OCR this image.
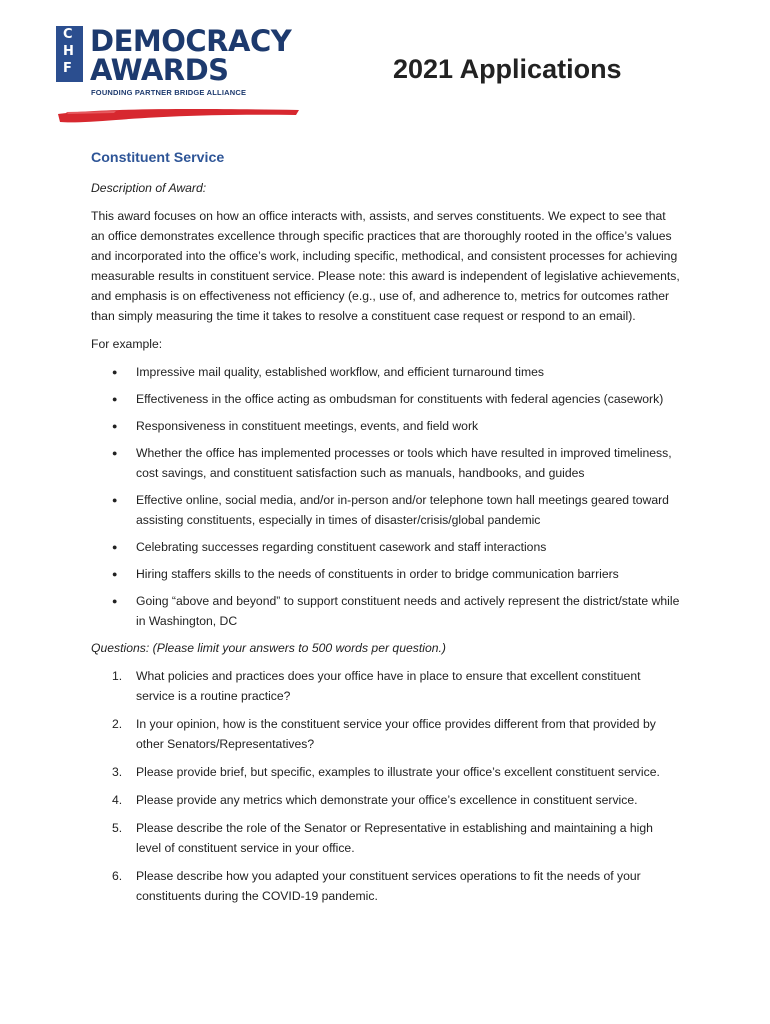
C
H
F
DEMOCRACY
AWARDS
FOUNDING PARTNER BRIDGE ALLIANCE
2021 Applications
Constituent Service
Description of Award:
This award focuses on how an office interacts with, assists, and serves constituents. We expect to see that an office demonstrates excellence through specific practices that are thoroughly rooted in the office’s values and incorporated into the office’s work, including specific, methodical, and consistent processes for achieving measurable results in constituent service. Please note: this award is independent of legislative achievements, and emphasis is on effectiveness not efficiency (e.g., use of, and adherence to, metrics for outcomes rather than simply measuring the time it takes to resolve a constituent case request or respond to an email).
For example:
● Impressive mail quality, established workflow, and efficient turnaround times
● Effectiveness in the office acting as ombudsman for constituents with federal agencies (casework)
● Responsiveness in constituent meetings, events, and field work
● Whether the office has implemented processes or tools which have resulted in improved timeliness, cost savings, and constituent satisfaction such as manuals, handbooks, and guides
● Effective online, social media, and/or in-person and/or telephone town hall meetings geared toward assisting constituents, especially in times of disaster/crisis/global pandemic
● Celebrating successes regarding constituent casework and staff interactions
● Hiring staffers skills to the needs of constituents in order to bridge communication barriers
● Going “above and beyond” to support constituent needs and actively represent the district/state while in Washington, DC
Questions: (Please limit your answers to 500 words per question.)
1. What policies and practices does your office have in place to ensure that excellent constituent service is a routine practice?
2. In your opinion, how is the constituent service your office provides different from that provided by other Senators/Representatives?
3. Please provide brief, but specific, examples to illustrate your office’s excellent constituent service.
4. Please provide any metrics which demonstrate your office’s excellence in constituent service.
5. Please describe the role of the Senator or Representative in establishing and maintaining a high level of constituent service in your office.
6. Please describe how you adapted your constituent services operations to fit the needs of your constituents during the COVID-19 pandemic.
